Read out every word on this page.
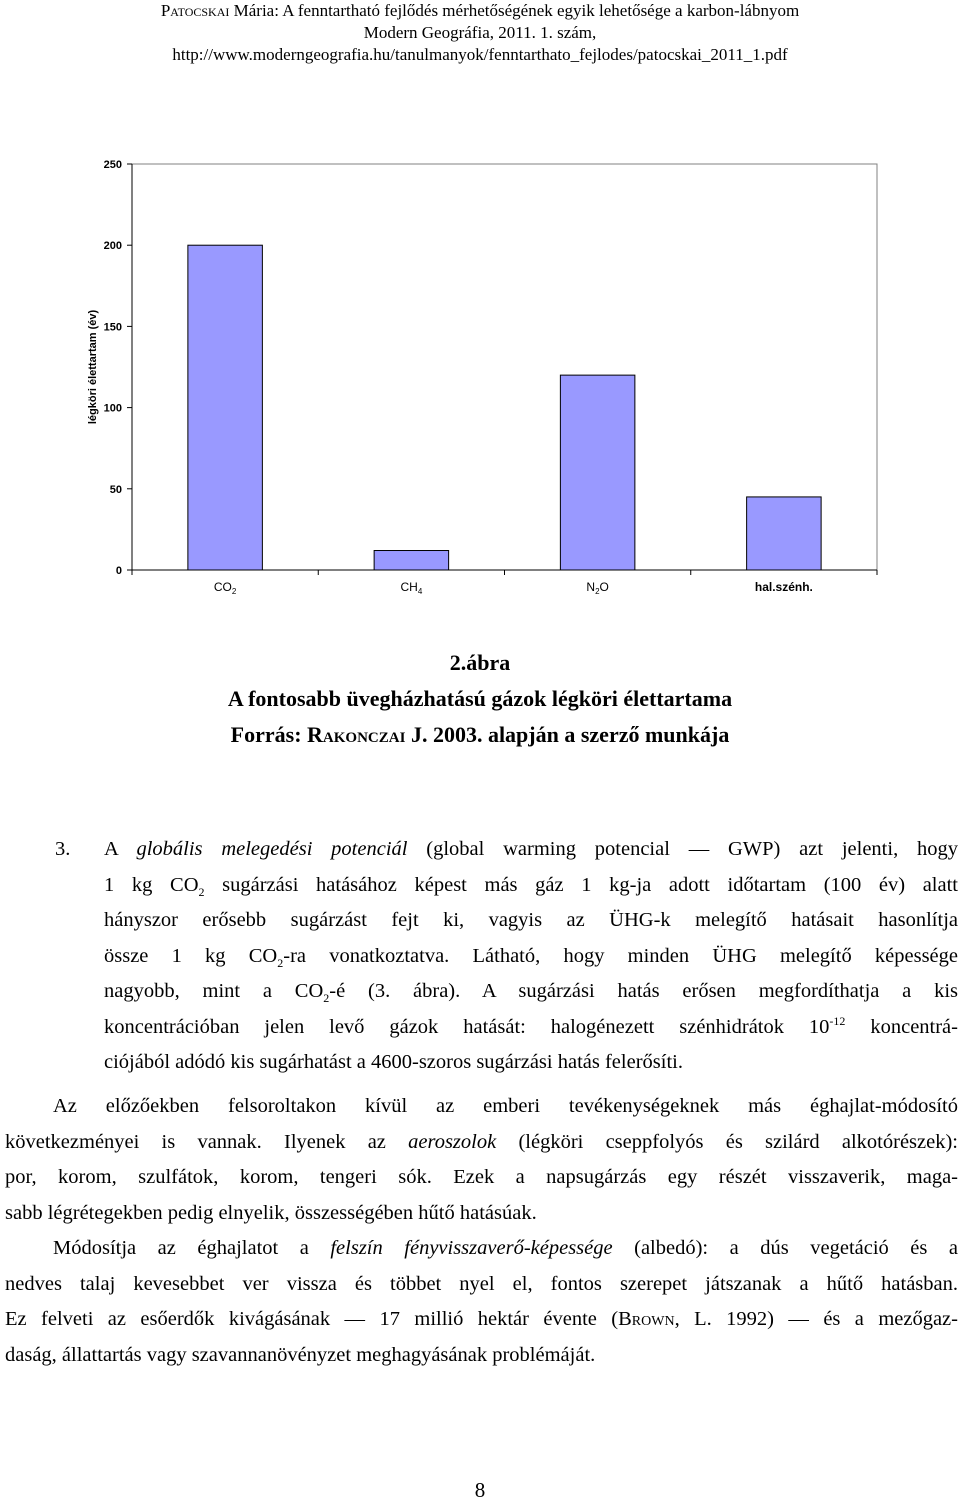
Patocskai Mária: A fenntartható fejlődés mérhetőségének egyik lehetősége a karbon-lábnyom
Modern Geográfia, 2011. 1. szám,
http://www.moderngeografia.hu/tanulmanyok/fenntarthato_fejlodes/patocskai_2011_1.pdf
0
50
100
150
200
250
légköri élettartam (év)
$CO_2$	$CH_4$	$N_2O$	hal.szénh.
2.ábra
A fontosabb üvegházhatású gázok légköri élettartama
Forrás: Rakonczai J. 2003. alapján a szerző munkája
3. A globális melegedési potenciál (global warming potencial — GWP) azt jelenti, hogy
1 kg $CO_2$ sugárzási hatásához képest más gáz 1 kg-ja adott időtartam (100 év) alatt
hányszor erősebb sugárzást fejt ki, vagyis az ÜHG-k melegítő hatásait hasonlítja
össze 1 kg $CO_2-ra$ vonatkoztatva. Látható, hogy minden ÜHG melegítő képessége
nagyobb, mint a $CO_2-é$ (3. ábra). A sugárzási hatás erősen megfordíthatja a kis
koncentrációban jelen levő gázok hatását: halogénezett szénhidrátok $10^{-12}$ koncentrá-
ciójából adódó kis sugárhatást a 4600-szoros sugárzási hatás felerősíti.
Az előzőekben felsoroltakon kívül az emberi tevékenységeknek más éghajlat-módosító
következményei is vannak. Ilyenek az aeroszolok (légköri cseppfolyós és szilárd alkotórészek):
por, korom, szulfátok, korom, tengeri sók. Ezek a napsugárzás egy részét visszaverik, maga-
sabb légrétegekben pedig elnyelik, összességében hűtő hatásúak.
Módosítja az éghajlatot a felszín fényvisszaverő-képessége (albedó): a dús vegetáció és a
nedves talaj kevesebbet ver vissza és többet nyel el, fontos szerepet játszanak a hűtő hatásban.
Ez felveti az esőerdők kivágásának — 17 millió hektár évente (Brown, L. 1992) — és a mezőgaz-
daság, állattartás vagy szavannanövényzet meghagyásának problémáját.
8
